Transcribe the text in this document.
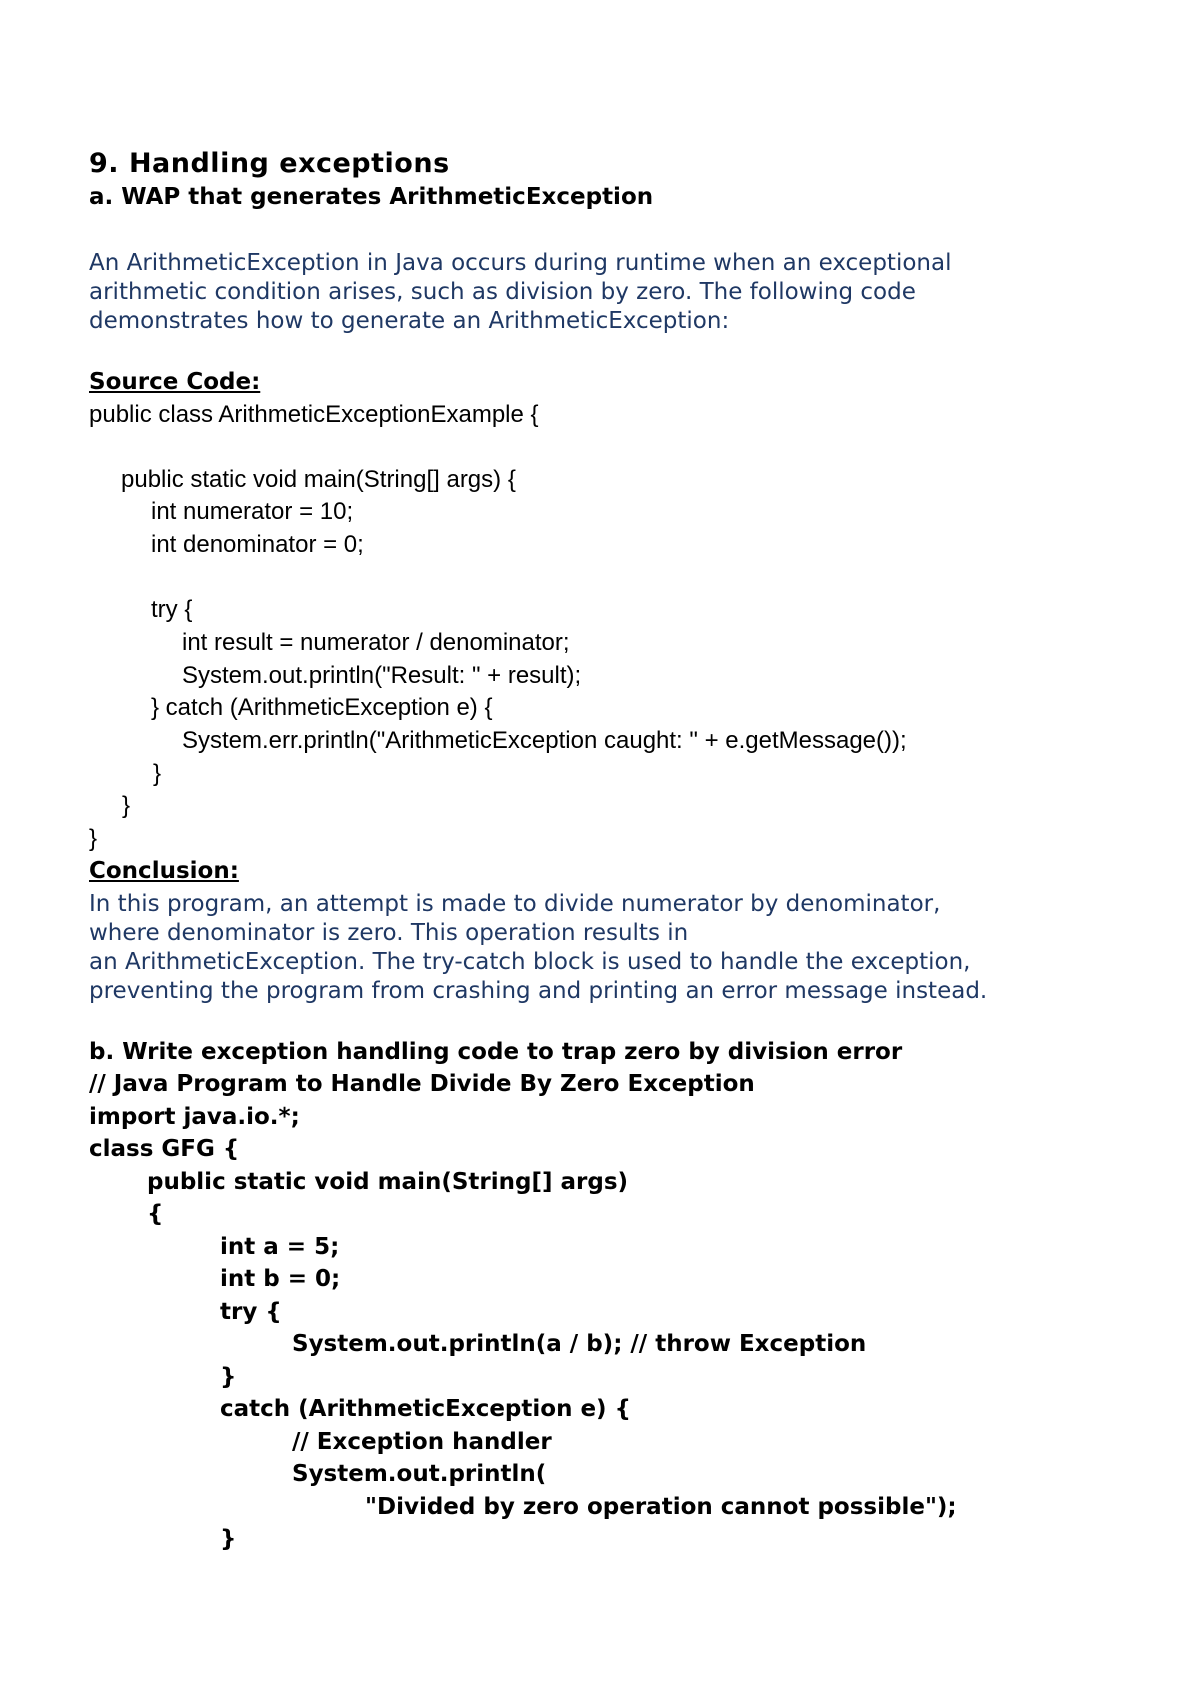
9. Handling exceptions
a. WAP that generates ArithmeticException
An ArithmeticException in Java occurs during runtime when an exceptional
arithmetic condition arises, such as division by zero. The following code
demonstrates how to generate an ArithmeticException:
Source Code:
public class ArithmeticExceptionExample {
public static void main(String[] args) {
int numerator = 10;
int denominator = 0;
try {
int result = numerator / denominator;
System.out.println("Result: " + result);
} catch (ArithmeticException e) {
System.err.println("ArithmeticException caught: " + e.getMessage());
}
}
}
Conclusion:
In this program, an attempt is made to divide numerator by denominator,
where denominator is zero. This operation results in
an ArithmeticException. The try-catch block is used to handle the exception,
preventing the program from crashing and printing an error message instead.
b. Write exception handling code to trap zero by division error
// Java Program to Handle Divide By Zero Exception
import java.io.*;
class GFG {
public static void main(String[] args)
{
int a = 5;
int b = 0;
try {
System.out.println(a / b); // throw Exception
}
catch (ArithmeticException e) {
// Exception handler
System.out.println(
"Divided by zero operation cannot possible");
}
